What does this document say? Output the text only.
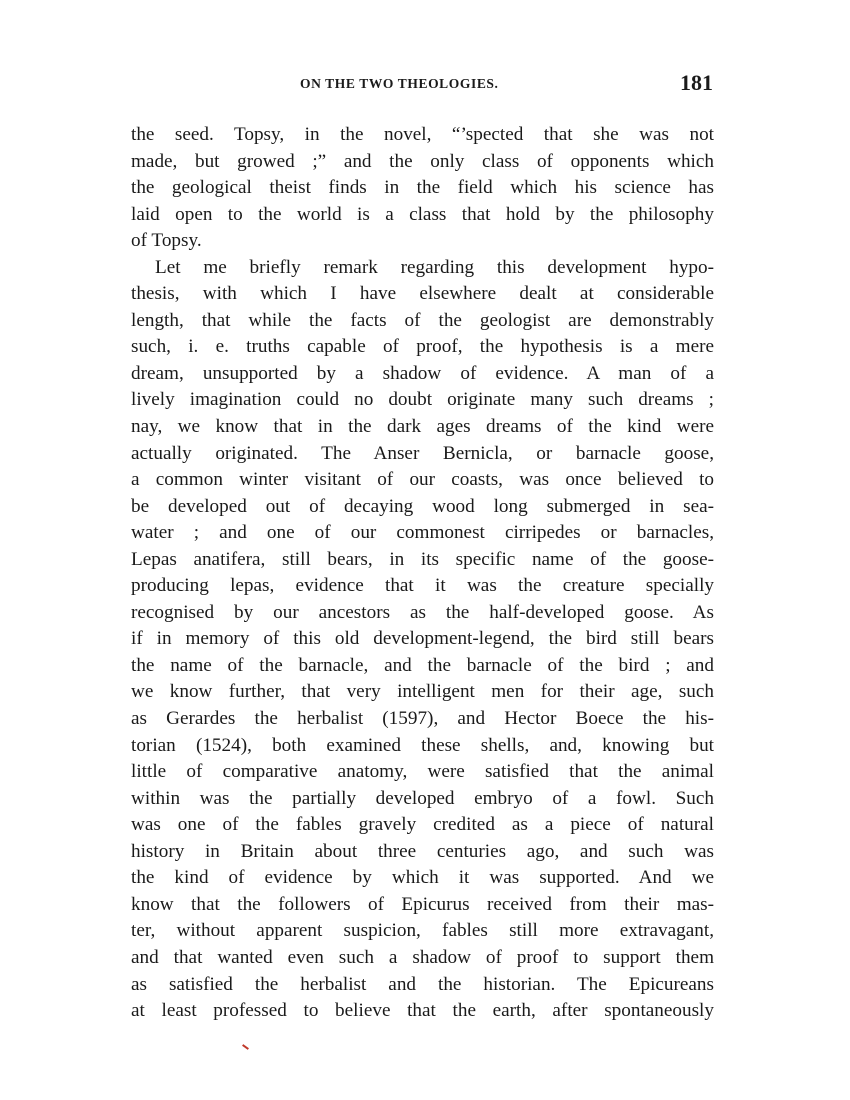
ON THE TWO THEOLOGIES.	181
the seed. Topsy, in the novel, “’spected that she was not
made, but growed ;” and the only class of opponents which
the geological theist finds in the field which his science has
laid open to the world is a class that hold by the philosophy
of Topsy.
Let me briefly remark regarding this development hypo-
thesis, with which I have elsewhere dealt at considerable
length, that while the facts of the geologist are demonstrably
such, i. e. truths capable of proof, the hypothesis is a mere
dream, unsupported by a shadow of evidence. A man of a
lively imagination could no doubt originate many such dreams ;
nay, we know that in the dark ages dreams of the kind were
actually originated. The Anser Bernicla, or barnacle goose,
a common winter visitant of our coasts, was once believed to
be developed out of decaying wood long submerged in sea-
water ; and one of our commonest cirripedes or barnacles,
Lepas anatifera, still bears, in its specific name of the goose-
producing lepas, evidence that it was the creature specially
recognised by our ancestors as the half-developed goose. As
if in memory of this old development-legend, the bird still bears
the name of the barnacle, and the barnacle of the bird ; and
we know further, that very intelligent men for their age, such
as Gerardes the herbalist (1597), and Hector Boece the his-
torian (1524), both examined these shells, and, knowing but
little of comparative anatomy, were satisfied that the animal
within was the partially developed embryo of a fowl. Such
was one of the fables gravely credited as a piece of natural
history in Britain about three centuries ago, and such was
the kind of evidence by which it was supported. And we
know that the followers of Epicurus received from their mas-
ter, without apparent suspicion, fables still more extravagant,
and that wanted even such a shadow of proof to support them
as satisfied the herbalist and the historian. The Epicureans
at least professed to believe that the earth, after spontaneously
